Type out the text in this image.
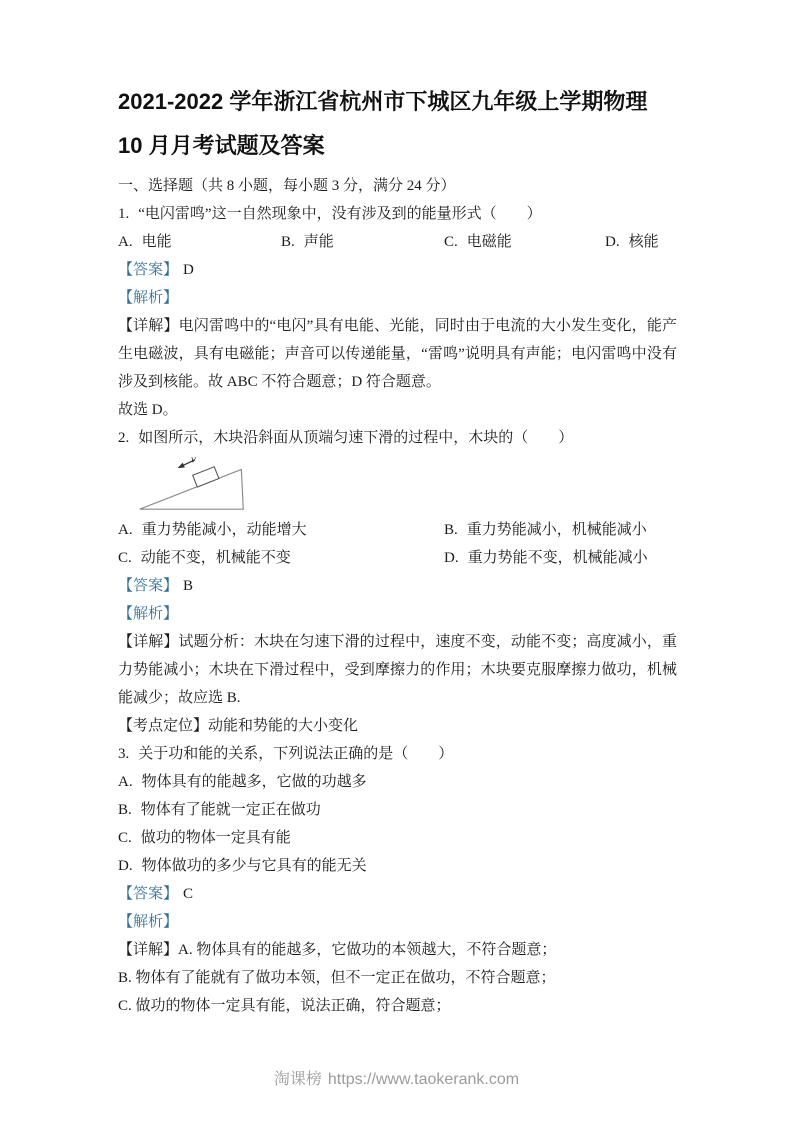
2021-2022 学年浙江省杭州市下城区九年级上学期物理 10 月月考试题及答案

一、选择题（共 8 小题，每小题 3 分，满分 24 分）

1. “电闪雷鸣”这一自然现象中，没有涉及到的能量形式（　　）

A. 电能	B. 声能	C. 电磁能	D. 核能

【答案】 D

【解析】

【详解】电闪雷鸣中的“电闪”具有电能、光能，同时由于电流的大小发生变化，能产生电磁波，具有电磁能；声音可以传递能量，“雷鸣”说明具有声能；电闪雷鸣中没有涉及到核能。故 ABC 不符合题意；D 符合题意。

故选 D。

2. 如图所示，木块沿斜面从顶端匀速下滑的过程中，木块的（　　）

v
A. 重力势能减小，动能增大	B. 重力势能减小，机械能减小
C. 动能不变，机械能不变	D. 重力势能不变，机械能减小

【答案】 B

【解析】

【详解】试题分析：木块在匀速下滑的过程中，速度不变，动能不变；高度减小，重力势能减小；木块在下滑过程中，受到摩擦力的作用；木块要克服摩擦力做功，机械能减少；故应选 B.

【考点定位】动能和势能的大小变化

3. 关于功和能的关系，下列说法正确的是（　　）

A. 物体具有的能越多，它做的功越多

B. 物体有了能就一定正在做功

C. 做功的物体一定具有能

D. 物体做功的多少与它具有的能无关

【答案】 C

【解析】

【详解】A. 物体具有的能越多，它做功的本领越大，不符合题意；

B. 物体有了能就有了做功本领，但不一定正在做功，不符合题意；

C. 做功的物体一定具有能，说法正确，符合题意；

淘课榜 https://www.taokerank.com
